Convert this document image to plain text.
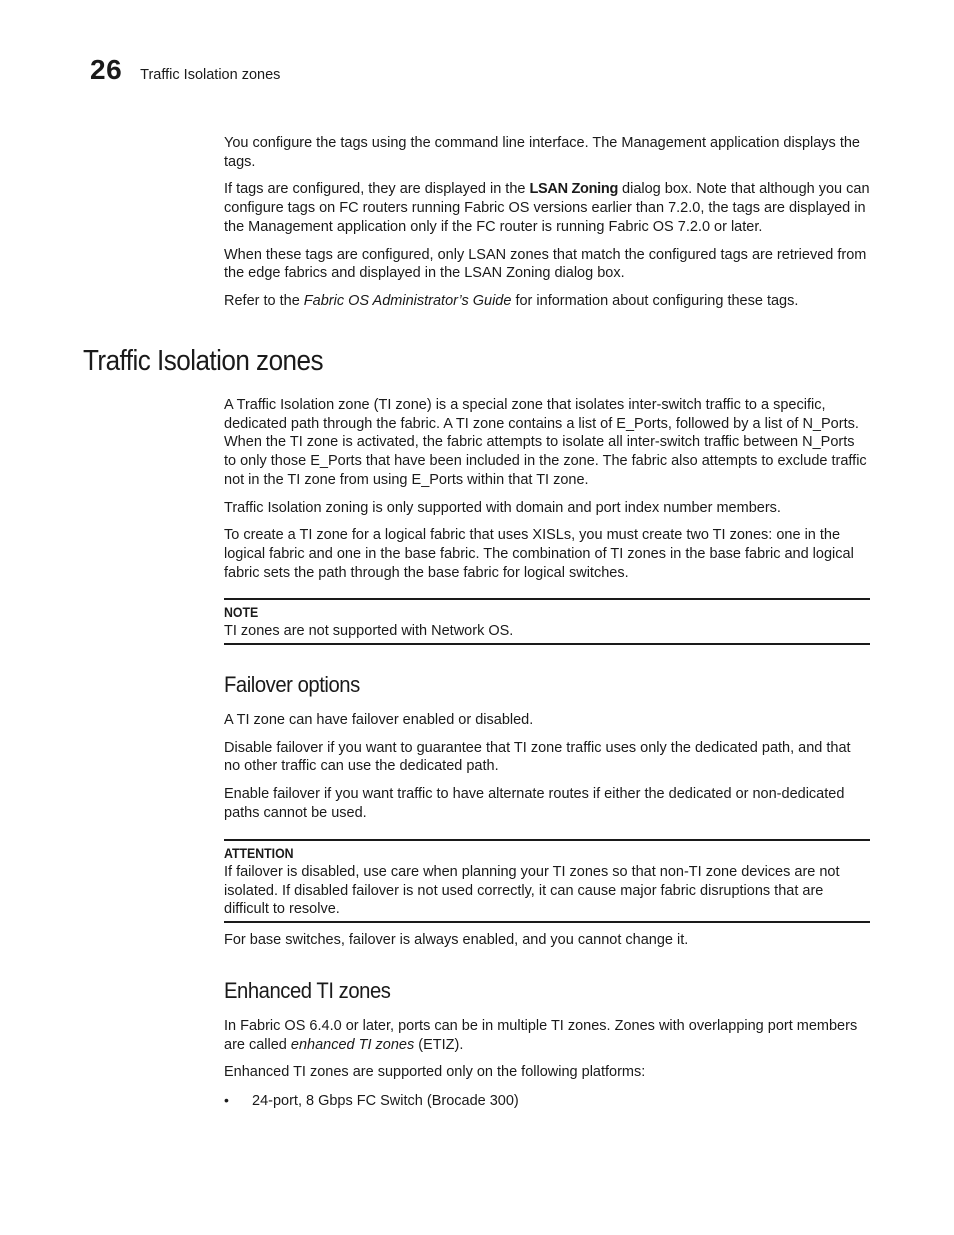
26 Traffic Isolation zones

You configure the tags using the command line interface. The Management application displays the tags.

If tags are configured, they are displayed in the LSAN Zoning dialog box. Note that although you can configure tags on FC routers running Fabric OS versions earlier than 7.2.0, the tags are displayed in the Management application only if the FC router is running Fabric OS 7.2.0 or later.

When these tags are configured, only LSAN zones that match the configured tags are retrieved from the edge fabrics and displayed in the LSAN Zoning dialog box.

Refer to the Fabric OS Administrator’s Guide for information about configuring these tags.

Traffic Isolation zones

A Traffic Isolation zone (TI zone) is a special zone that isolates inter-switch traffic to a specific, dedicated path through the fabric. A TI zone contains a list of E_Ports, followed by a list of N_Ports. When the TI zone is activated, the fabric attempts to isolate all inter-switch traffic between N_Ports to only those E_Ports that have been included in the zone. The fabric also attempts to exclude traffic not in the TI zone from using E_Ports within that TI zone.

Traffic Isolation zoning is only supported with domain and port index number members.

To create a TI zone for a logical fabric that uses XISLs, you must create two TI zones: one in the logical fabric and one in the base fabric. The combination of TI zones in the base fabric and logical fabric sets the path through the base fabric for logical switches.

NOTE

TI zones are not supported with Network OS.

Failover options

A TI zone can have failover enabled or disabled.

Disable failover if you want to guarantee that TI zone traffic uses only the dedicated path, and that no other traffic can use the dedicated path.

Enable failover if you want traffic to have alternate routes if either the dedicated or non-dedicated paths cannot be used.

ATTENTION

If failover is disabled, use care when planning your TI zones so that non-TI zone devices are not isolated. If disabled failover is not used correctly, it can cause major fabric disruptions that are difficult to resolve.

For base switches, failover is always enabled, and you cannot change it.

Enhanced TI zones

In Fabric OS 6.4.0 or later, ports can be in multiple TI zones. Zones with overlapping port members are called enhanced TI zones (ETIZ).

Enhanced TI zones are supported only on the following platforms:

•	24-port, 8 Gbps FC Switch (Brocade 300)
